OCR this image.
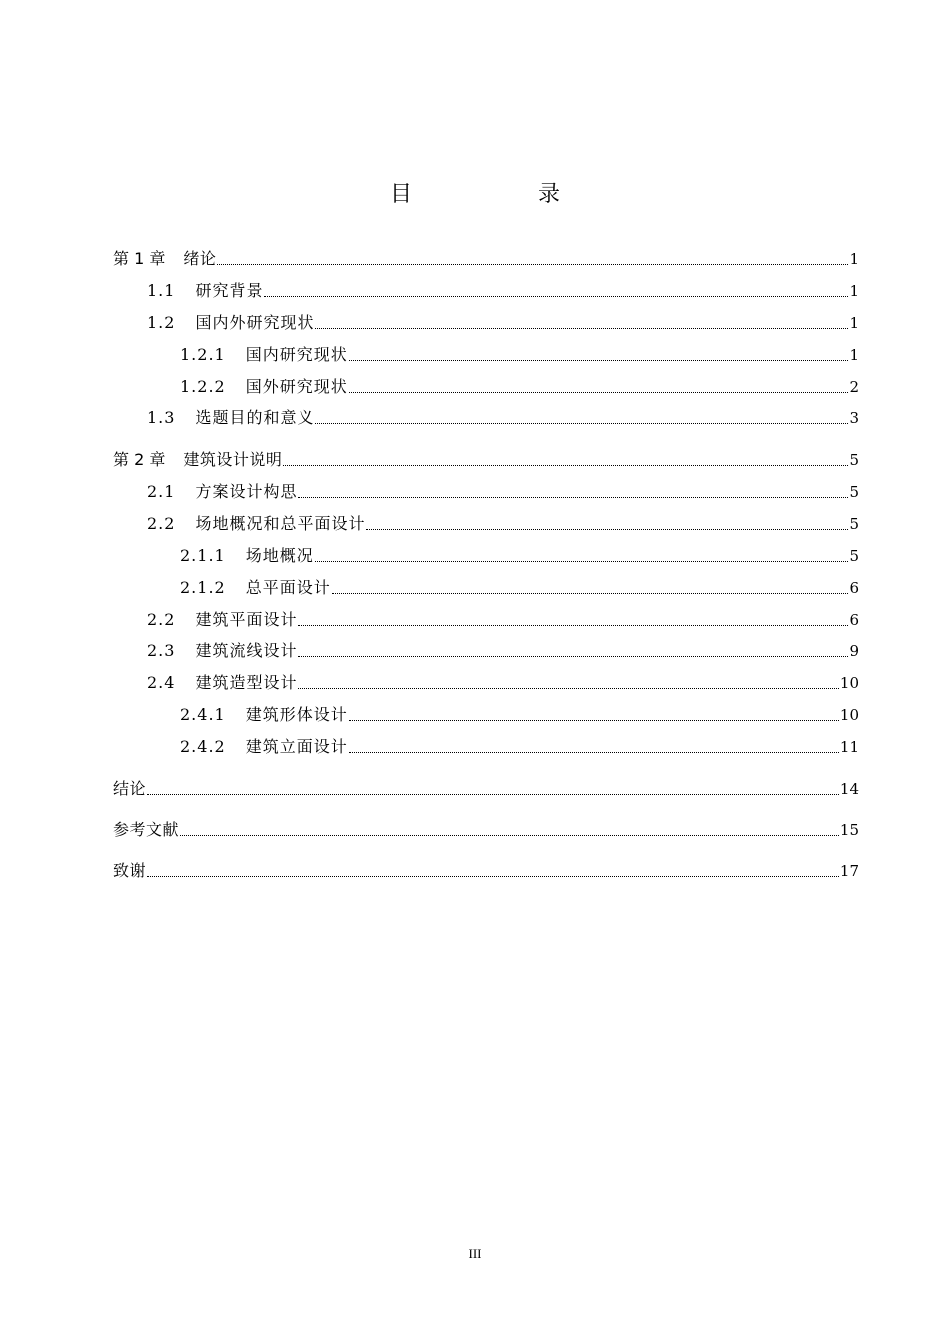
目　录
第 1 章 绪论	1
1.1 研究背景	1
1.2 国内外研究现状	1
1.2.1 国内研究现状	1
1.2.2 国外研究现状	2
1.3 选题目的和意义	3
第 2 章 建筑设计说明	5
2.1 方案设计构思	5
2.2 场地概况和总平面设计	5
2.1.1 场地概况	5
2.1.2 总平面设计	6
2.2 建筑平面设计	6
2.3 建筑流线设计	9
2.4 建筑造型设计	10
2.4.1 建筑形体设计	10
2.4.2 建筑立面设计	11
结论	14
参考文献	15
致谢	17
III
